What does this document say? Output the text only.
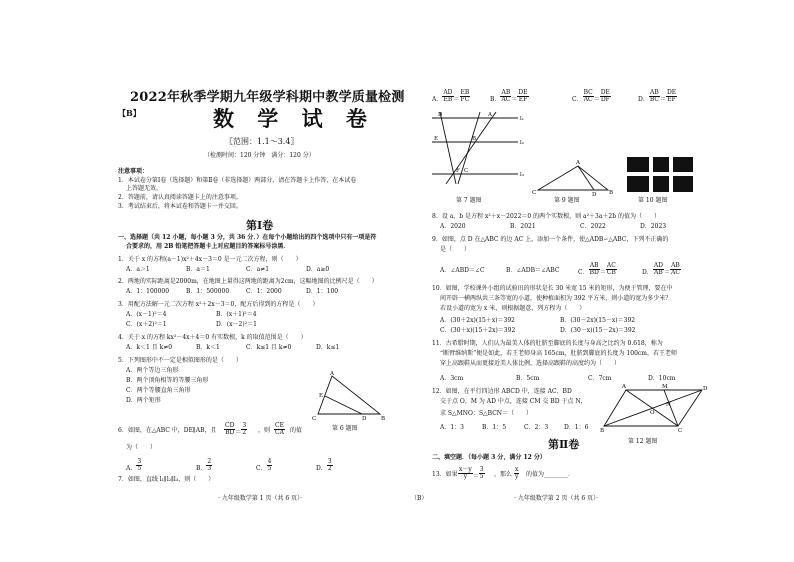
2022年秋季学期九年级学科期中教学质量检测
【B】	数 学 试 卷
〖范围：1.1～3.4〗
（检测时间：120 分钟　满分：120 分）
注意事项：
1．本试卷分第Ⅰ卷（选择题）和第Ⅱ卷（非选择题）两部分，请在答题卡上作答，在本试卷
上答题无效。
2．答题前，请认真阅读答题卡上的注意事项。
3．考试结束后，将本试卷和答题卡一并交回。
第Ⅰ卷
一、选择题（共 12 小题，每小题 3 分，共 36 分．）在每个小题给出的四个选项中只有一项是符
合要求的，用 2B 铅笔把答题卡上对应题目的答案标号涂黑．
1．关于 x 的方程(a－1)x²＋4x－3＝0 是一元二次方程，则（　　）
A．a＞1	B．a＝1	C．a≠1	D．a≥0
2．两地的实际距离是2000m，在地图上量得这两地的距离为2cm，这幅地图的比例尺是（　　）
A．1：100000	B．1：500000	C．1：2000	D．1：100
3．用配方法解一元二次方程 x²＋2x－3＝0，配方后得到的方程是（　　）
A．(x－1)²＝4	B．(x＋1)²＝4
C．(x＋2)²＝1	D．(x－2)²＝1
4．关于 x 的方程 kx²－4x＋4＝0 有实数根，k 的取值范围是（　　）
A．k＜1 且 k≠0	B．k＜1	C．k≤1 且 k≠0	D．k≤1
5．下列图形中不一定是相似图形的是（　　）
A．两个等边三角形
B．两个顶角相等的等腰三角形
C．两个等腰直角三角形
D．两个矩形
A
B
C	D
E
第 6 题图
6．如图，在△ABC 中，DE∥AB，且 $\frac{CD}{BD} = \frac{3}{2}$ ，则 $\frac{CE}{CA}$ 的值
为（　　）
A． $\frac{3}{5}$	B． $\frac{2}{3}$	C． $\frac{4}{5}$	D． $\frac{3}{2}$
7．如图，直线 l₁∥l₂∥l₃，则（　　）
· 九年级数学第 1 页（共 6 页）·	（B）
A． $\frac{AD}{EB} = \frac{EB}{FC}$	B． $\frac{AB}{AC} = \frac{DE}{EF}$	C． $\frac{BC}{AC} = \frac{DE}{DF}$	D． $\frac{AB}{BC} = \frac{DE}{EF}$
D	A
E	B
l₁
l₂
l₃
F C
第 7 题图
A
B
C	D
第 9 题图	第 10 题图
8．设 a、b 是方程 x²＋x－2022＝0 的两个实数根，则 a²＋3a＋2b 的值为（　　）
A．2020	B．2021	C．2022	D．2023
9．如图，点 D 在△ABC 的边 AC 上，添加一个条件，使△ADB∽△ABC，下列不正确的
是（　　）
A．∠ABD＝∠C	B．∠ADB＝∠ABC	C． $\frac{AB}{BD} = \frac{AC}{CB}$	D． $\frac{AD}{AB} = \frac{AB}{AC}$
10．如图，学校课外小组的试验田的形状是长 30 米宽 15 米的矩形，为便于管理，要在中
间开辟一横两纵共三条等宽的小道，使种植面积为 392 平方米，则小道的宽为多少米？
若设小道的宽为 x 米，则根据题意，列方程为（　　）
A．(30＋2x)(15＋x)＝392	B．(30－2x)(15－x)＝392
C．(30＋x)(15＋2x)＝392	D．(30－x)(15－2x)＝392
11．古希腊时期，人们认为最美人体的肚脐至脚底的长度与身高之比约为 0.618，称为
“断臂维纳斯”便是如此，若王老师身高 165cm，肚脐到脚底的长度为 100cm，若王老师
穿上高跟鞋从而更接近美人体比例，选择高跟鞋的高度约为（　　）
A．3cm	B．5cm	C．7cm	D．10cm
12．如图，在平行四边形 ABCD 中，连接 AC、BD
交于点 O，M 为 AD 中点，连接 CM 交 BD 于点 N，
求 S△MNO：S△BCN＝（　　）
A．1：3	B．1：5	C．2：3	D．1：6
A	M	D
O
N
B	C
第 12 题图
第Ⅱ卷
二、填空题．（每小题 3 分，满分 12 分）
13．如果 $\frac{x-y}{y} = \frac{3}{5}$ ，那么 $\frac{x}{y}$ 的值为________．
· 九年级数学第 2 页（共 6 页）·
